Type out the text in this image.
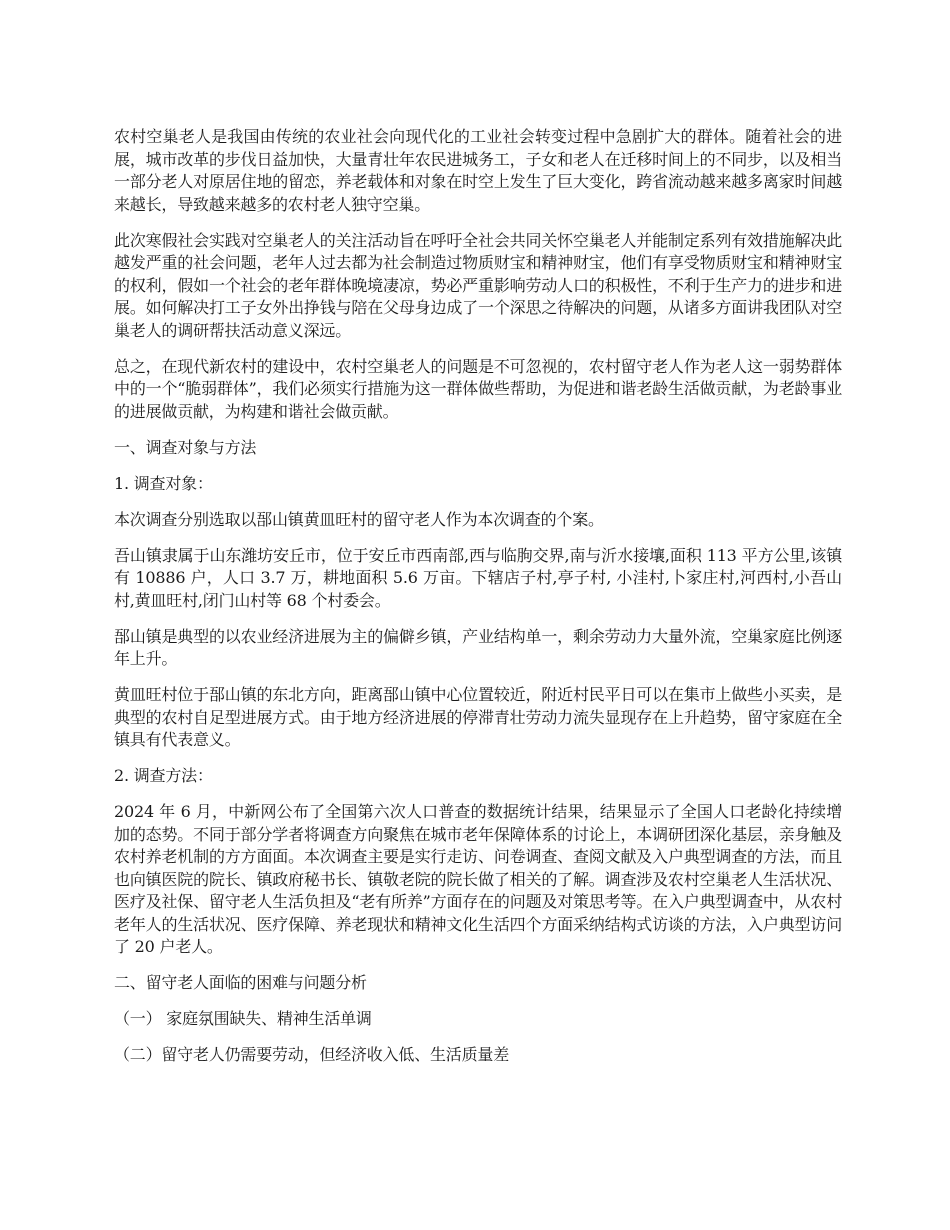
农村空巢老人是我国由传统的农业社会向现代化的工业社会转变过程中急剧扩大的群体。随着社会的进展，城市改革的步伐日益加快，大量青壮年农民进城务工，子女和老人在迁移时间上的不同步，以及相当一部分老人对原居住地的留恋，养老载体和对象在时空上发生了巨大变化，跨省流动越来越多离家时间越来越长，导致越来越多的农村老人独守空巢。

此次寒假社会实践对空巢老人的关注活动旨在呼吁全社会共同关怀空巢老人并能制定系列有效措施解决此越发严重的社会问题，老年人过去都为社会制造过物质财宝和精神财宝，他们有享受物质财宝和精神财宝的权利，假如一个社会的老年群体晚境凄凉，势必严重影响劳动人口的积极性，不利于生产力的进步和进展。如何解决打工子女外出挣钱与陪在父母身边成了一个深思之待解决的问题，从诸多方面讲我团队对空巢老人的调研帮扶活动意义深远。

总之，在现代新农村的建设中，农村空巢老人的问题是不可忽视的，农村留守老人作为老人这一弱势群体中的一个“脆弱群体”，我们必须实行措施为这一群体做些帮助，为促进和谐老龄生活做贡献，为老龄事业的进展做贡献，为构建和谐社会做贡献。

一、调查对象与方法

1. 调查对象：

本次调查分别选取以郚山镇黄皿旺村的留守老人作为本次调查的个案。

吾山镇隶属于山东潍坊安丘市，位于安丘市西南部,西与临朐交界,南与沂水接壤,面积 113 平方公里,该镇有 10886 户，人口 3.7 万，耕地面积 5.6 万亩。下辖店子村,亭子村, 小洼村,卜家庄村,河西村,小吾山村,黄皿旺村,闭门山村等 68 个村委会。

郚山镇是典型的以农业经济进展为主的偏僻乡镇，产业结构单一，剩余劳动力大量外流，空巢家庭比例逐年上升。

黄皿旺村位于郚山镇的东北方向，距离郚山镇中心位置较近，附近村民平日可以在集市上做些小买卖，是典型的农村自足型进展方式。由于地方经济进展的停滞青壮劳动力流失显现存在上升趋势，留守家庭在全镇具有代表意义。

2. 调查方法：

2024 年 6 月，中新网公布了全国第六次人口普查的数据统计结果，结果显示了全国人口老龄化持续增加的态势。不同于部分学者将调查方向聚焦在城市老年保障体系的讨论上，本调研团深化基层，亲身触及农村养老机制的方方面面。本次调查主要是实行走访、问卷调查、查阅文献及入户典型调查的方法，而且也向镇医院的院长、镇政府秘书长、镇敬老院的院长做了相关的了解。调查涉及农村空巢老人生活状况、医疗及社保、留守老人生活负担及“老有所养”方面存在的问题及对策思考等。在入户典型调查中，从农村老年人的生活状况、医疗保障、养老现状和精神文化生活四个方面采纳结构式访谈的方法，入户典型访问了 20 户老人。

二、留守老人面临的困难与问题分析

（一） 家庭氛围缺失、精神生活单调

（二）留守老人仍需要劳动，但经济收入低、生活质量差
